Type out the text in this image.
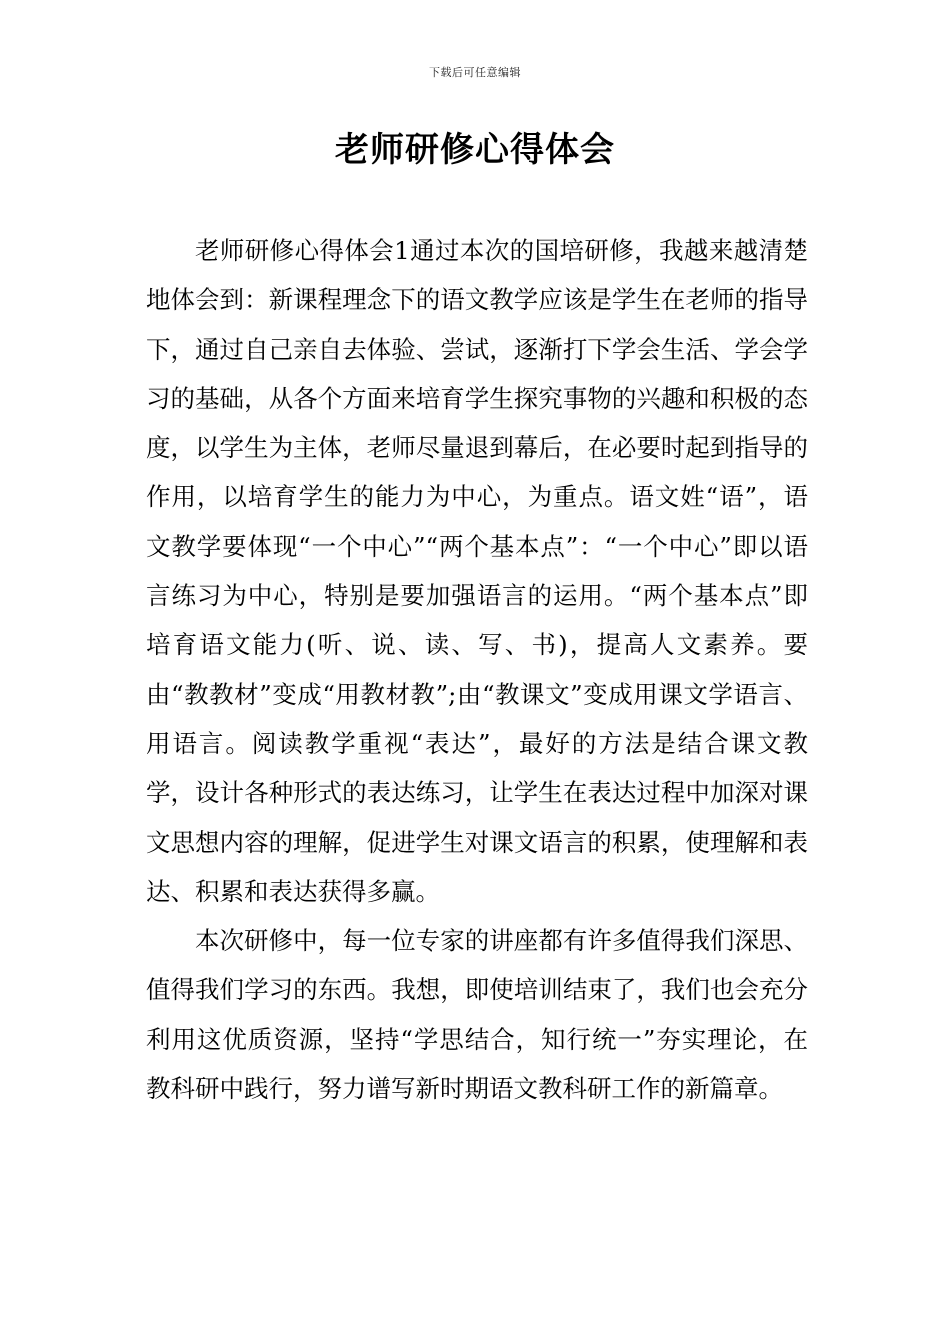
下载后可任意编辑
老师研修心得体会

老师研修心得体会1通过本次的国培研修，我越来越清楚地体会到：新课程理念下的语文教学应该是学生在老师的指导下，通过自己亲自去体验、尝试，逐渐打下学会生活、学会学习的基础，从各个方面来培育学生探究事物的兴趣和积极的态度，以学生为主体，老师尽量退到幕后，在必要时起到指导的作用，以培育学生的能力为中心，为重点。语文姓“语”，语文教学要体现“一个中心”“两个基本点”：“一个中心”即以语言练习为中心，特别是要加强语言的运用。“两个基本点”即培育语文能力(听、说、读、写、书)，提高人文素养。要由“教教材”变成“用教材教”;由“教课文”变成用课文学语言、用语言。阅读教学重视“表达”，最好的方法是结合课文教学，设计各种形式的表达练习，让学生在表达过程中加深对课文思想内容的理解，促进学生对课文语言的积累，使理解和表达、积累和表达获得多赢。

本次研修中，每一位专家的讲座都有许多值得我们深思、值得我们学习的东西。我想，即使培训结束了，我们也会充分利用这优质资源，坚持“学思结合，知行统一”夯实理论，在教科研中践行，努力谱写新时期语文教科研工作的新篇章。
